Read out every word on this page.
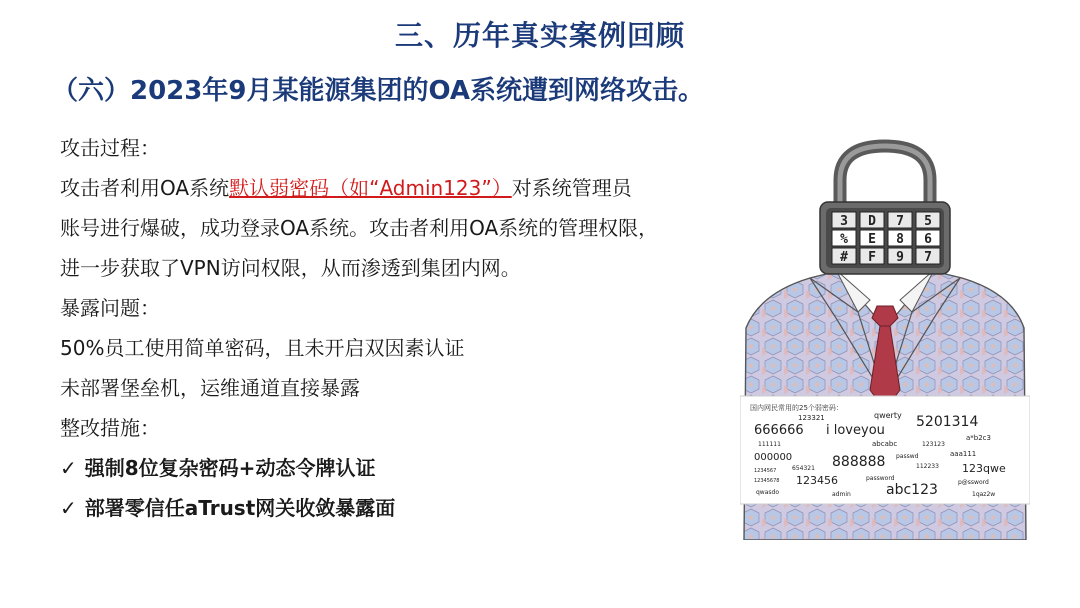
三、历年真实案例回顾
（六）2023年9月某能源集团的OA系统遭到网络攻击。
攻击过程：
攻击者利用OA系统默认弱密码（如“Admin123”）对系统管理员
账号进行爆破，成功登录OA系统。攻击者利用OA系统的管理权限，
进一步获取了VPN访问权限，从而渗透到集团内网。
暴露问题：
50%员工使用简单密码，且未开启双因素认证
未部署堡垒机，运维通道直接暴露
整改措施：
✓ 强制8位复杂密码+动态令牌认证
✓ 部署零信任aTrust网关收敛暴露面
3 D 7 5
% E 8 6
# F 9 7
国内网民常用的25个弱密码：
123321	qwerty 5201314
666666 i loveyou	a*b2c3
111111	abcabc	123123
000000	888888 passwd	aaa111
654321	112233 123qwe
1234567
123456	password
p@ssword
qwasdo	admin	abc123	1qaz2w
12345678
